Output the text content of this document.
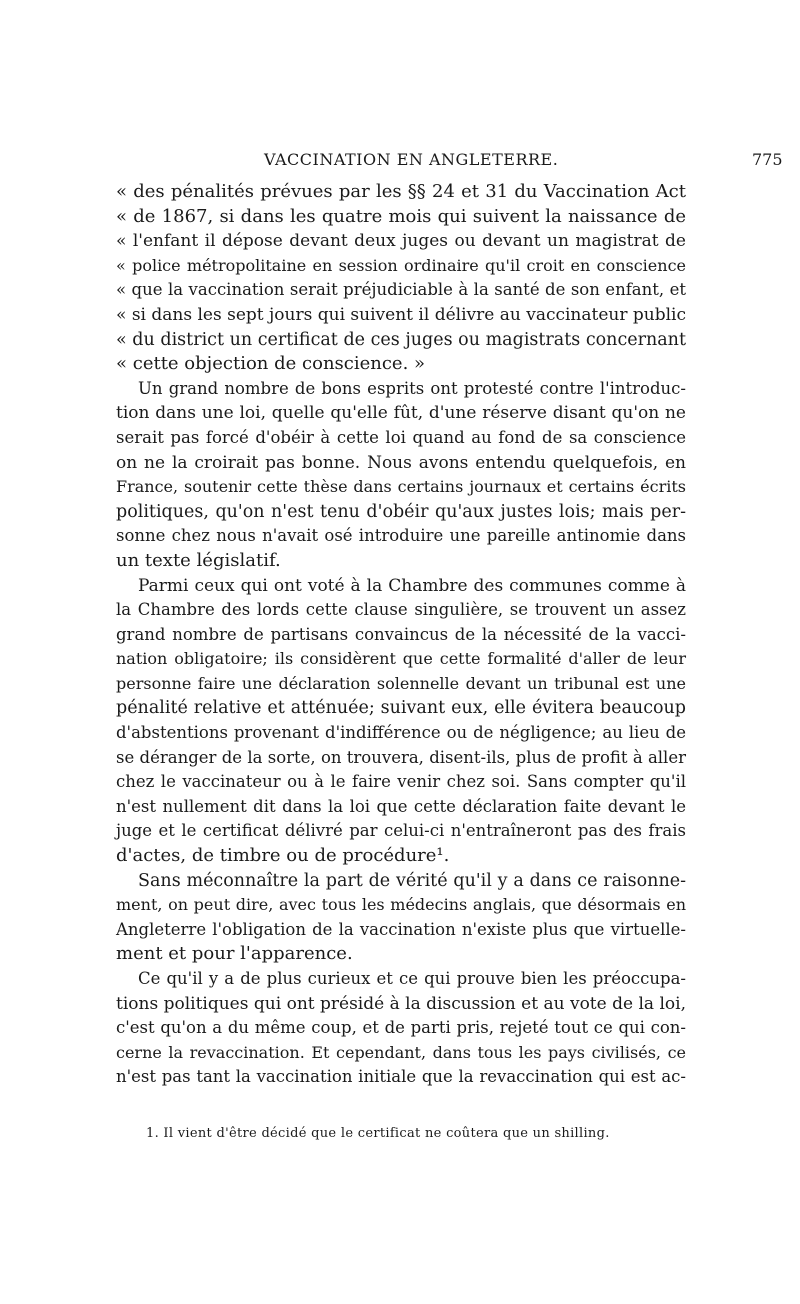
VACCINATION EN ANGLETERRE.	775
« des pénalités prévues par les §§ 24 et 31 du Vaccination Act
« de 1867, si dans les quatre mois qui suivent la naissance de
« l'enfant il dépose devant deux juges ou devant un magistrat de
« police métropolitaine en session ordinaire qu'il croit en conscience
« que la vaccination serait préjudiciable à la santé de son enfant, et
« si dans les sept jours qui suivent il délivre au vaccinateur public
« du district un certificat de ces juges ou magistrats concernant
« cette objection de conscience. »
Un grand nombre de bons esprits ont protesté contre l'introduc-
tion dans une loi, quelle qu'elle fût, d'une réserve disant qu'on ne
serait pas forcé d'obéir à cette loi quand au fond de sa conscience
on ne la croirait pas bonne. Nous avons entendu quelquefois, en
France, soutenir cette thèse dans certains journaux et certains écrits
politiques, qu'on n'est tenu d'obéir qu'aux justes lois; mais per-
sonne chez nous n'avait osé introduire une pareille antinomie dans
un texte législatif.
Parmi ceux qui ont voté à la Chambre des communes comme à
la Chambre des lords cette clause singulière, se trouvent un assez
grand nombre de partisans convaincus de la nécessité de la vacci-
nation obligatoire; ils considèrent que cette formalité d'aller de leur
personne faire une déclaration solennelle devant un tribunal est une
pénalité relative et atténuée; suivant eux, elle évitera beaucoup
d'abstentions provenant d'indifférence ou de négligence; au lieu de
se déranger de la sorte, on trouvera, disent-ils, plus de profit à aller
chez le vaccinateur ou à le faire venir chez soi. Sans compter qu'il
n'est nullement dit dans la loi que cette déclaration faite devant le
juge et le certificat délivré par celui-ci n'entraîneront pas des frais
d'actes, de timbre ou de procédure¹.
Sans méconnaître la part de vérité qu'il y a dans ce raisonne-
ment, on peut dire, avec tous les médecins anglais, que désormais en
Angleterre l'obligation de la vaccination n'existe plus que virtuelle-
ment et pour l'apparence.
Ce qu'il y a de plus curieux et ce qui prouve bien les préoccupa-
tions politiques qui ont présidé à la discussion et au vote de la loi,
c'est qu'on a du même coup, et de parti pris, rejeté tout ce qui con-
cerne la revaccination. Et cependant, dans tous les pays civilisés, ce
n'est pas tant la vaccination initiale que la revaccination qui est ac-
1. Il vient d'être décidé que le certificat ne coûtera que un shilling.
